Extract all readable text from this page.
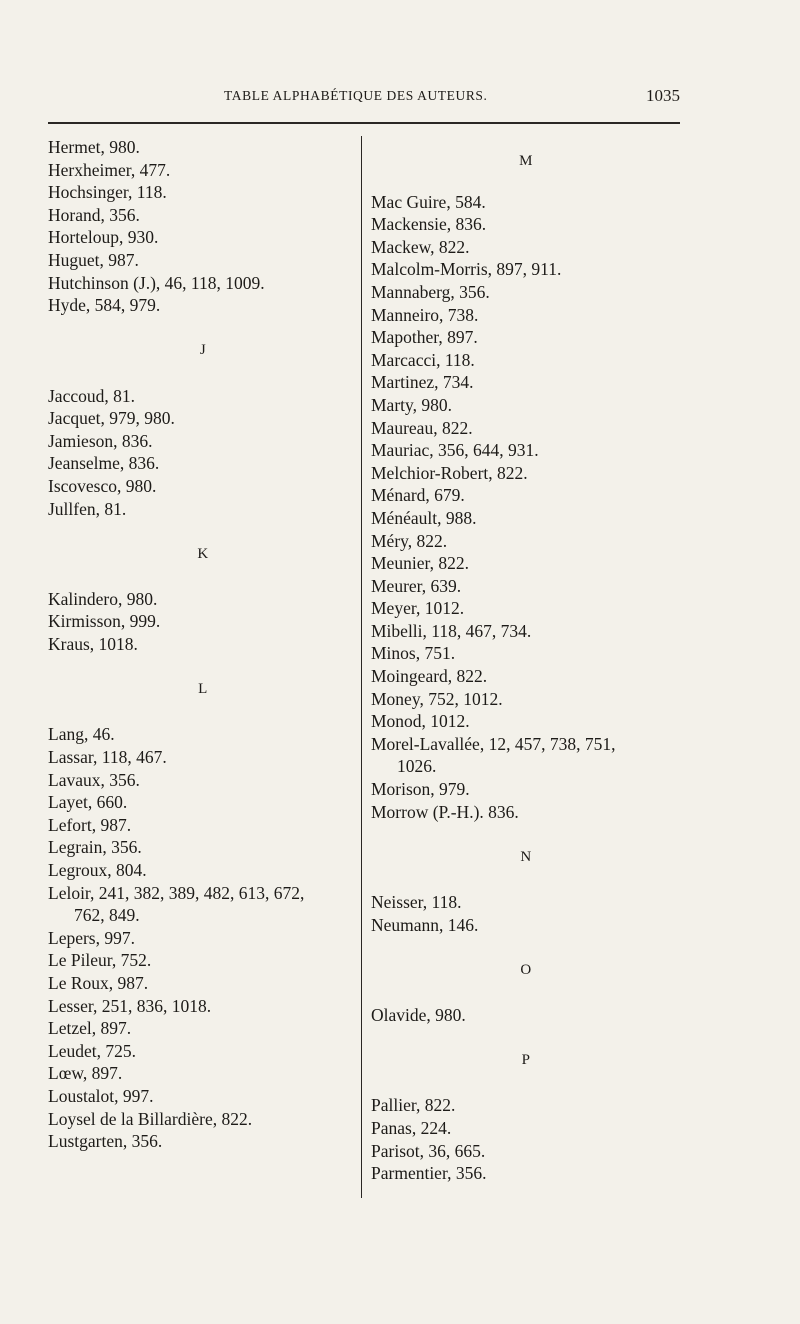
TABLE ALPHABÉTIQUE DES AUTEURS.	1035
Hermet, 980.
Herxheimer, 477.
Hochsinger, 118.
Horand, 356.
Horteloup, 930.
Huguet, 987.
Hutchinson (J.), 46, 118, 1009.
Hyde, 584, 979.
J
Jaccoud, 81.
Jacquet, 979, 980.
Jamieson, 836.
Jeanselme, 836.
Iscovesco, 980.
Jullfen, 81.
K
Kalindero, 980.
Kirmisson, 999.
Kraus, 1018.
L
Lang, 46.
Lassar, 118, 467.
Lavaux, 356.
Layet, 660.
Lefort, 987.
Legrain, 356.
Legroux, 804.
Leloir, 241, 382, 389, 482, 613, 672,
762, 849.
Lepers, 997.
Le Pileur, 752.
Le Roux, 987.
Lesser, 251, 836, 1018.
Letzel, 897.
Leudet, 725.
Lœw, 897.
Loustalot, 997.
Loysel de la Billardière, 822.
Lustgarten, 356.
M
Mac Guire, 584.
Mackensie, 836.
Mackew, 822.
Malcolm-Morris, 897, 911.
Mannaberg, 356.
Manneiro, 738.
Mapother, 897.
Marcacci, 118.
Martinez, 734.
Marty, 980.
Maureau, 822.
Mauriac, 356, 644, 931.
Melchior-Robert, 822.
Ménard, 679.
Ménéault, 988.
Méry, 822.
Meunier, 822.
Meurer, 639.
Meyer, 1012.
Mibelli, 118, 467, 734.
Minos, 751.
Moingeard, 822.
Money, 752, 1012.
Monod, 1012.
Morel-Lavallée, 12, 457, 738, 751,
1026.
Morison, 979.
Morrow (P.-H.). 836.
N
Neisser, 118.
Neumann, 146.
O
Olavide, 980.
P
Pallier, 822.
Panas, 224.
Parisot, 36, 665.
Parmentier, 356.
